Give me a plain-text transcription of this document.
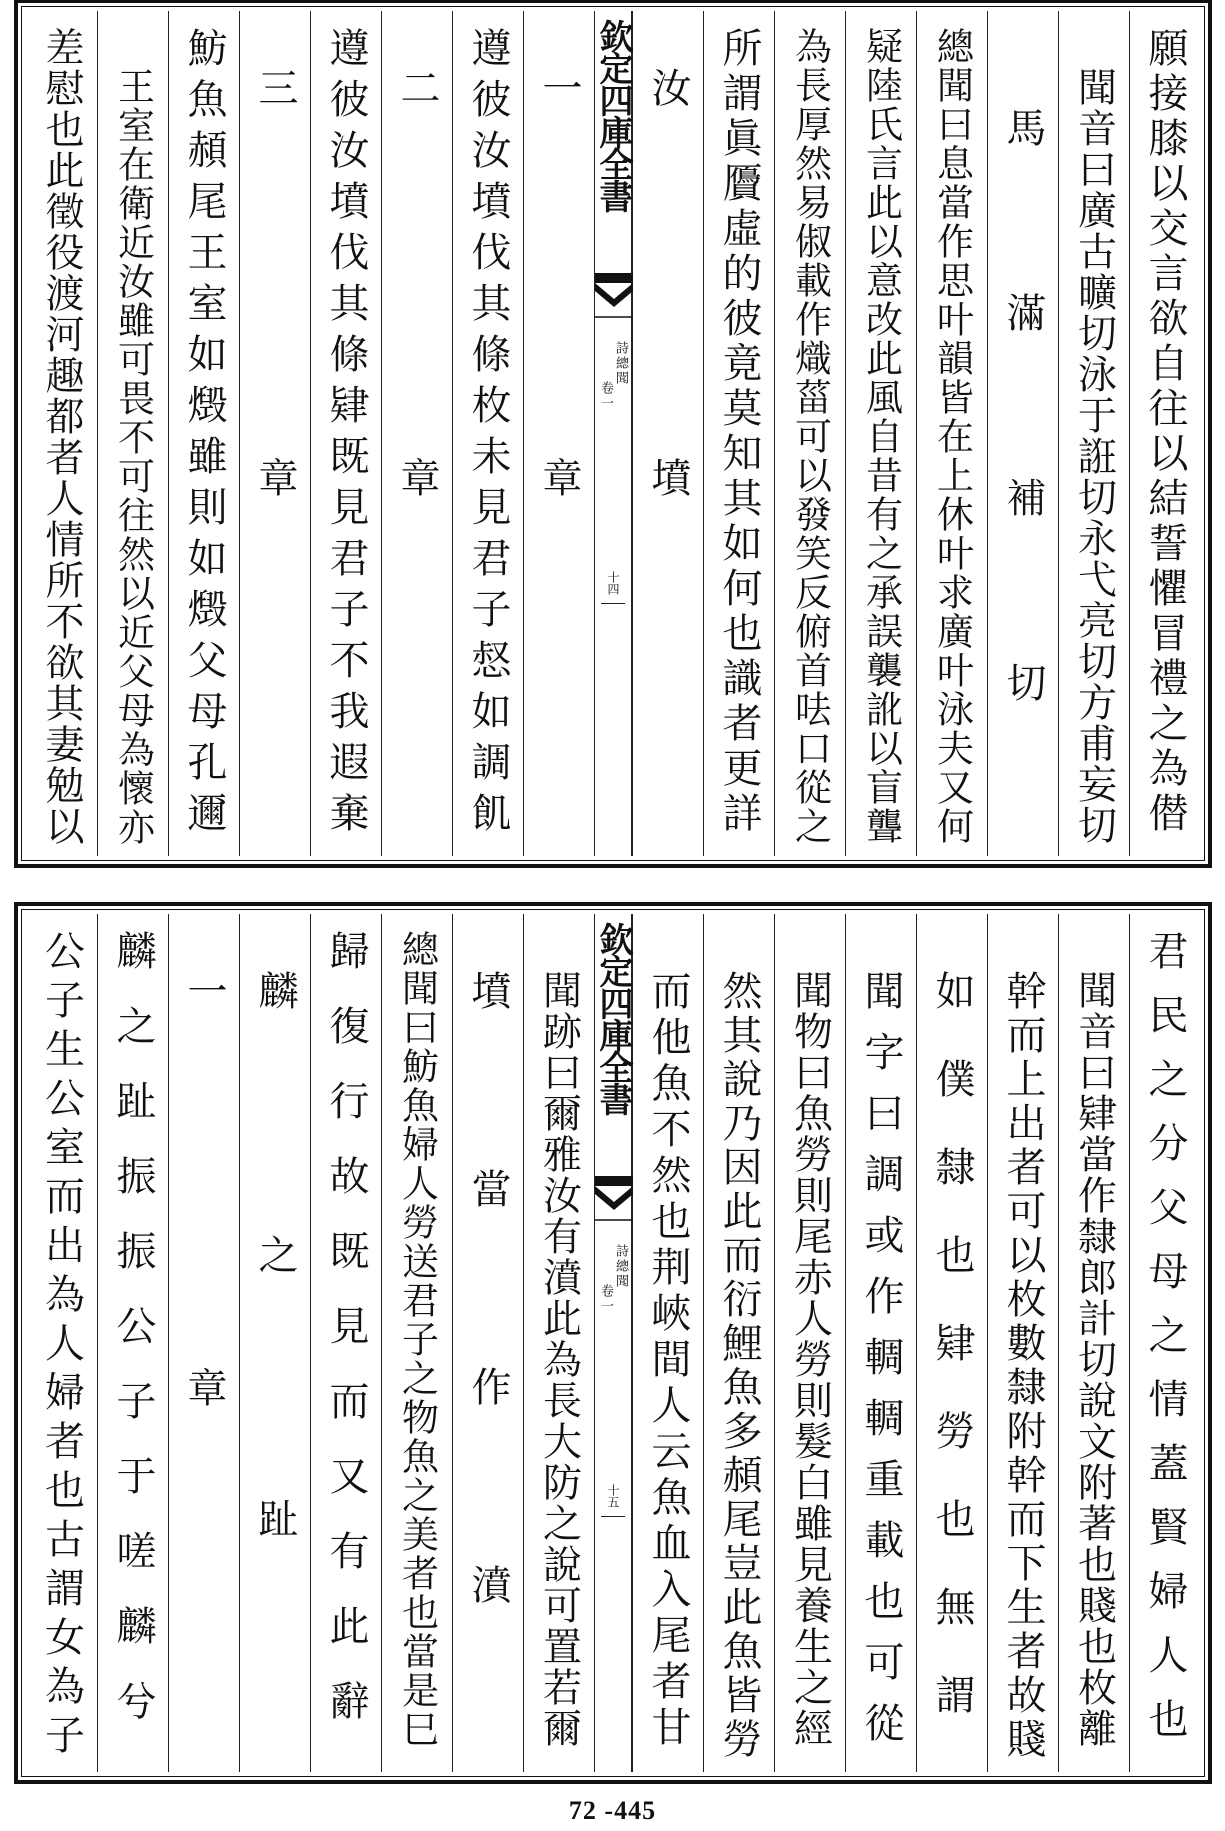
願接膝以交言欲自往以結誓懼冒禮之為僣
聞音曰廣古曠切泳于誑切永弋亮切方甫妄切
馬滿補切
總聞曰息當作思叶韻皆在上休叶求廣叶泳夫又何
疑陸氏言此以意改此風自昔有之承誤襲訛以盲聾
為長厚然易俶載作熾菑可以發笑反俯首呿口從之
所謂眞贗虛的彼竟莫知其如何也識者更詳
汝墳
欽定四庫全書
詩總聞
卷一
十四
一章
遵彼汝墳伐其條枚未見君子惄如調飢
二章
遵彼汝墳伐其條肄既見君子不我遐棄
三章
魴魚頳尾王室如燬雖則如燬父母孔邇
王室在衛近汝雖可畏不可往然以近父母為懷亦
差慰也此徵役渡河趣都者人情所不欲其妻勉以
君民之分父母之情蓋賢婦人也
聞音曰肄當作隸郎計切說文附著也賤也枚離
幹而上出者可以枚數隸附幹而下生者故賤
如僕隸也肄勞也無謂
聞字曰調或作輖輖重載也可從
聞物曰魚勞則尾赤人勞則髮白雖見養生之經
然其說乃因此而衍鯉魚多頳尾豈此魚皆勞
而他魚不然也荆峽間人云魚血入尾者甘
欽定四庫全書
詩總聞
卷一
十五
聞跡曰爾雅汝有濆此為長大防之說可置若爾
墳當作濆
總聞曰魴魚婦人勞送君子之物魚之美者也當是巳
歸復行故既見而又有此辭
麟之趾
一章
麟之趾振振公子于嗟麟兮
公子生公室而出為人婦者也古謂女為子
72 -445
